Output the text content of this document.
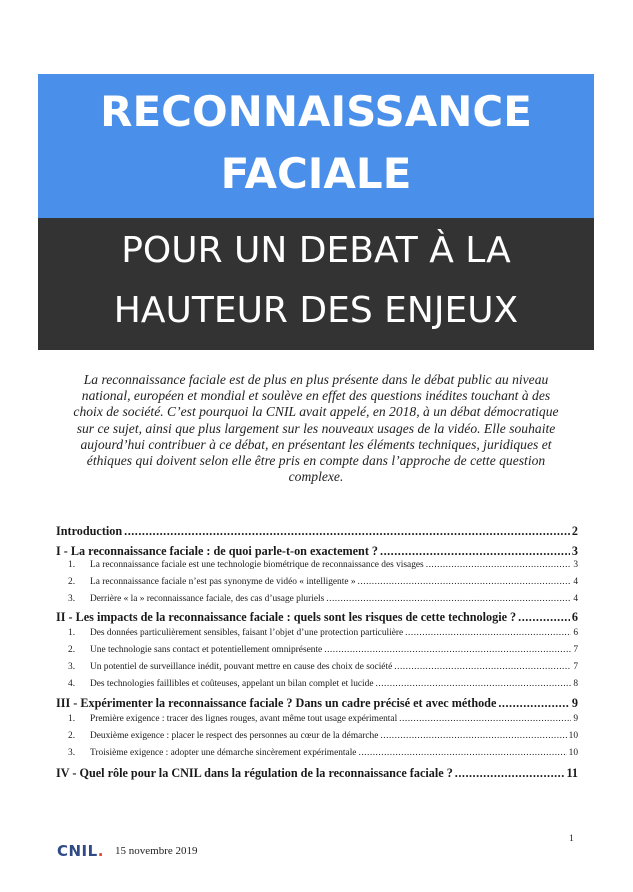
RECONNAISSANCE
FACIALE
POUR UN DEBAT À LA
HAUTEUR DES ENJEUX
La reconnaissance faciale est de plus en plus présente dans le débat public au niveau national, européen et mondial et soulève en effet des questions inédites touchant à des choix de société. C’est pourquoi la CNIL avait appelé, en 2018, à un débat démocratique sur ce sujet, ainsi que plus largement sur les nouveaux usages de la vidéo. Elle souhaite aujourd’hui contribuer à ce débat, en présentant les éléments techniques, juridiques et éthiques qui doivent selon elle être pris en compte dans l’approche de cette question complexe.
Introduction .....	2
I - La reconnaissance faciale : de quoi parle-t-on exactement ? .....	3
1.	La reconnaissance faciale est une technologie biométrique de reconnaissance des visages .....	3
2.	La reconnaissance faciale n’est pas synonyme de vidéo « intelligente » .....	4
3.	Derrière « la » reconnaissance faciale, des cas d’usage pluriels .....	4
II - Les impacts de la reconnaissance faciale : quels sont les risques de cette technologie ? .....	6
1.	Des données particulièrement sensibles, faisant l’objet d’une protection particulière .....	6
2.	Une technologie sans contact et potentiellement omniprésente .....	7
3.	Un potentiel de surveillance inédit, pouvant mettre en cause des choix de société .....	7
4.	Des technologies faillibles et coûteuses, appelant un bilan complet et lucide .....	8
III - Expérimenter la reconnaissance faciale ? Dans un cadre précisé et avec méthode .....	9
1.	Première exigence : tracer des lignes rouges, avant même tout usage expérimental .....	9
2.	Deuxième exigence : placer le respect des personnes au cœur de la démarche .....	10
3.	Troisième exigence : adopter une démarche sincèrement expérimentale .....	10
IV - Quel rôle pour la CNIL dans la régulation de la reconnaissance faciale ? .....	11
CNIL. 15 novembre 2019
1
